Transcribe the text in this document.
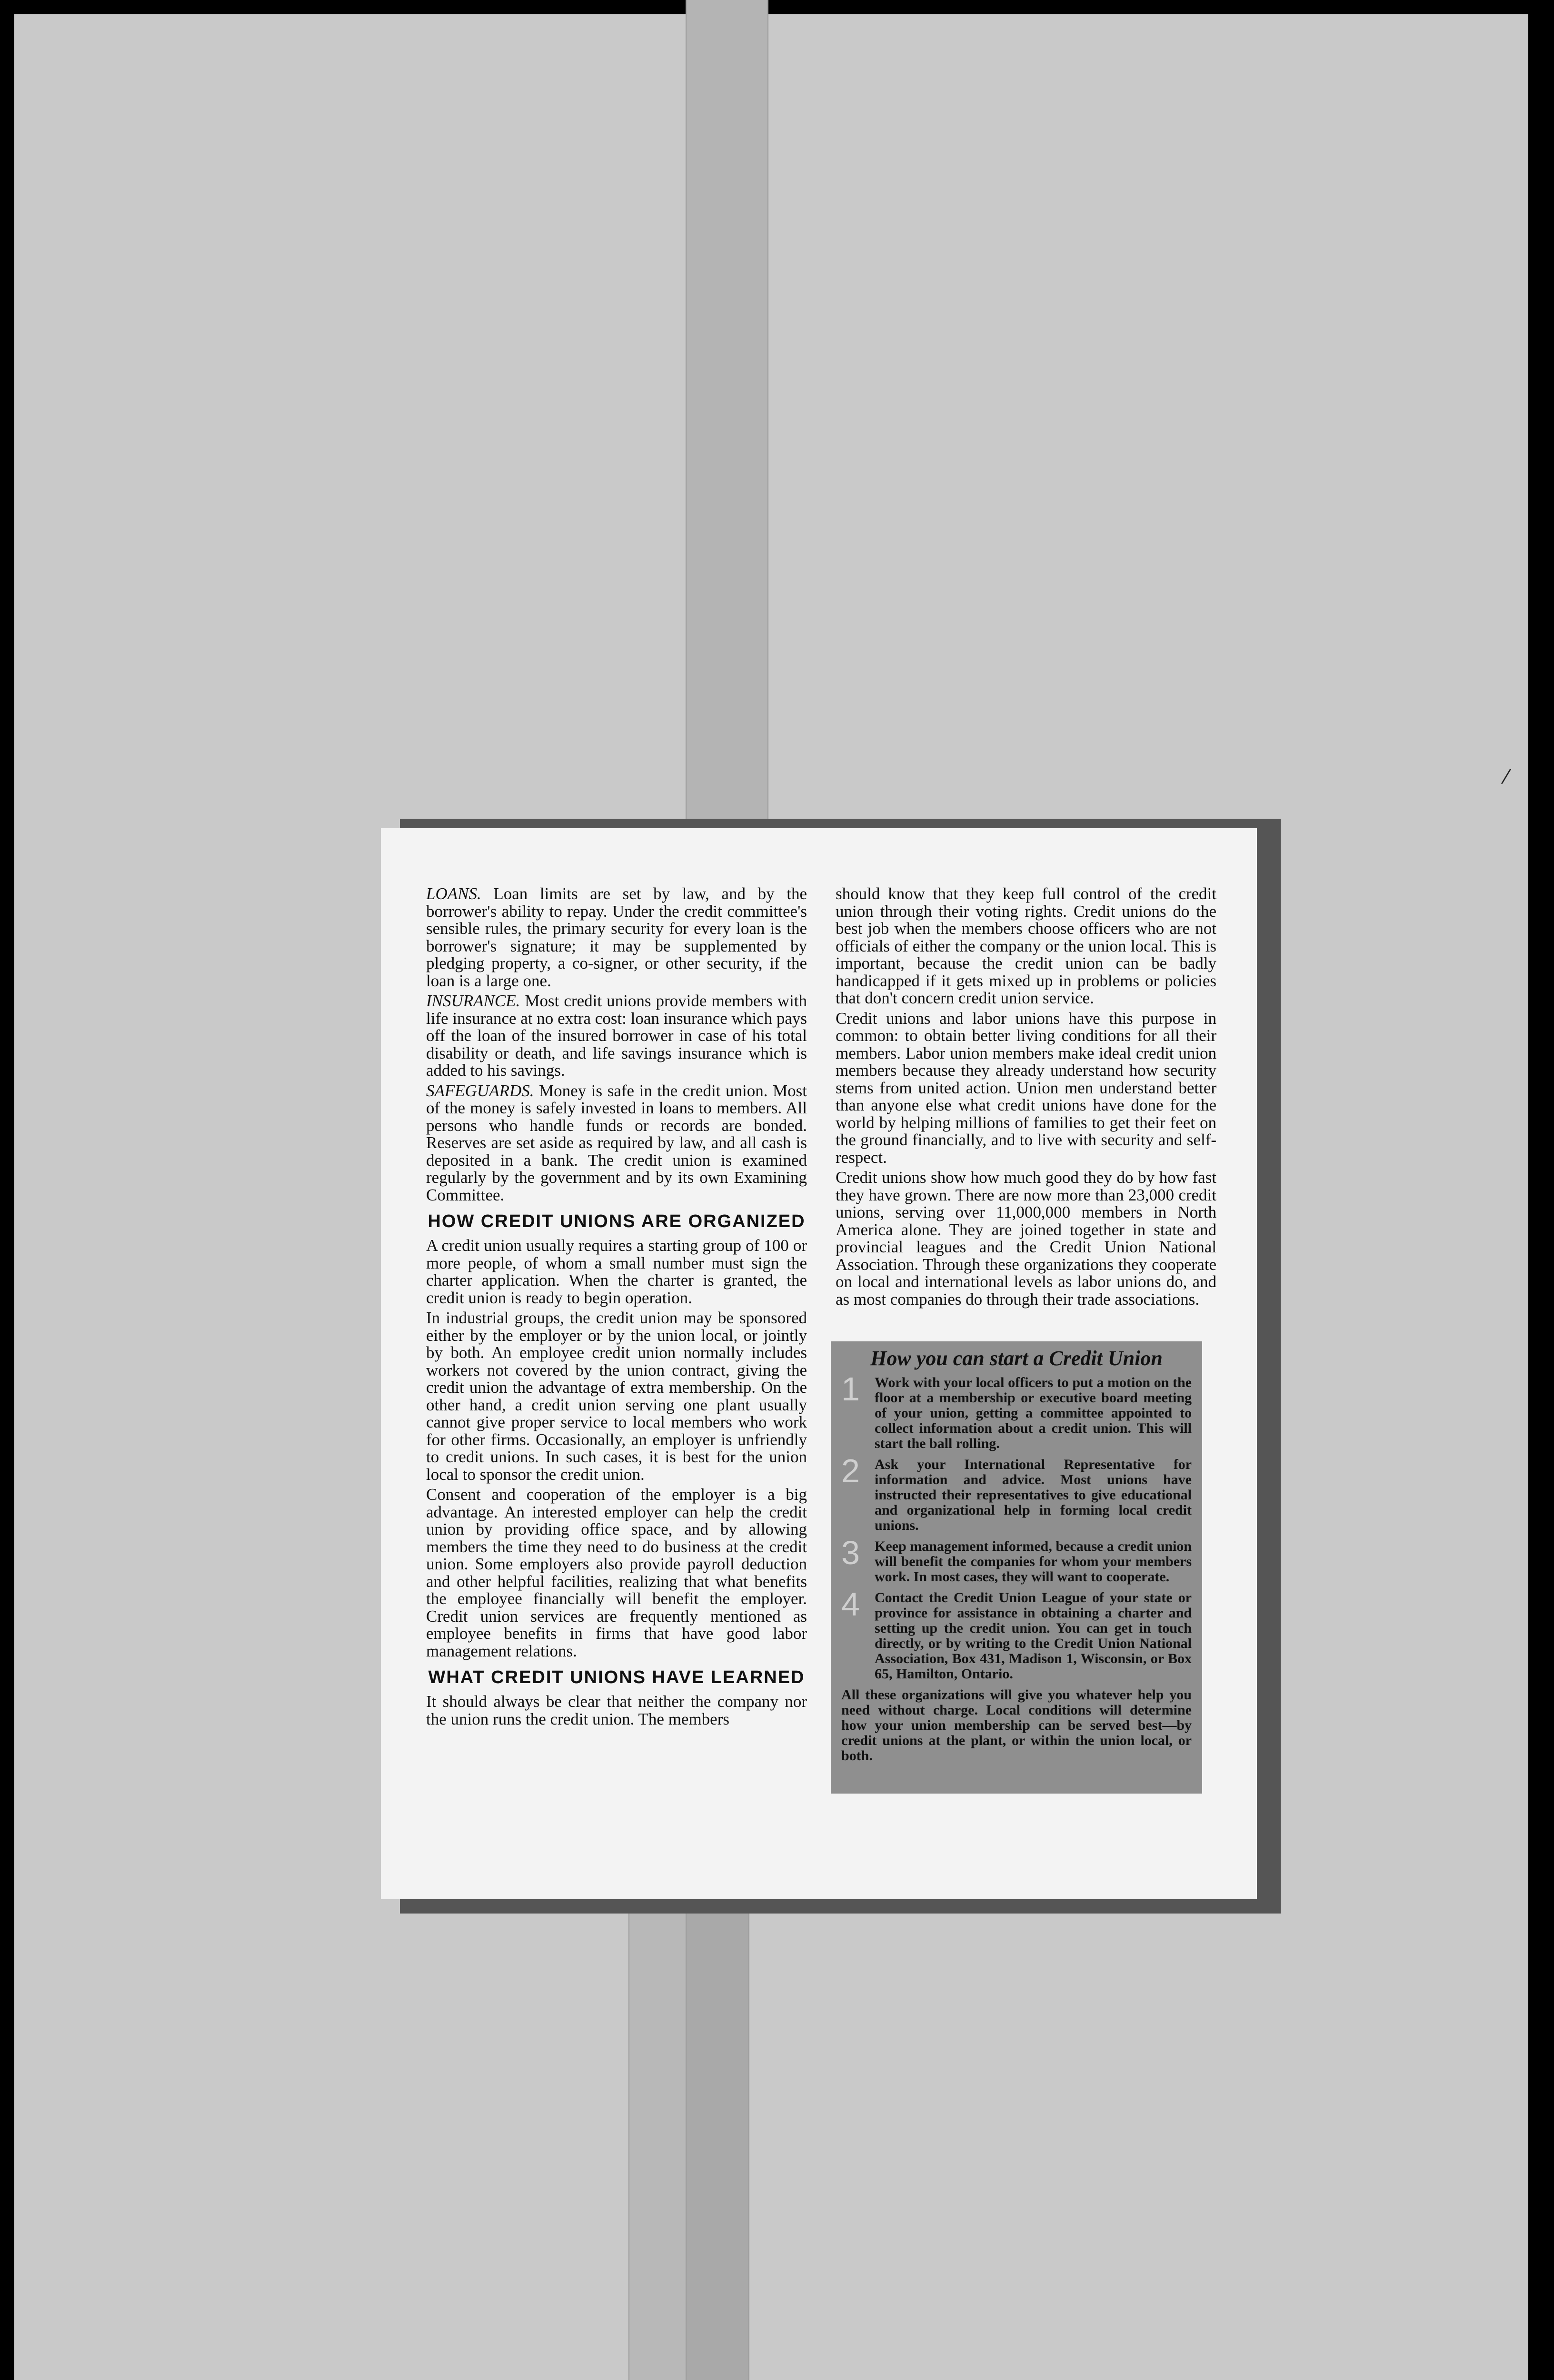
⁄

LOANS. Loan limits are set by law, and by the borrower's ability to repay. Under the credit committee's sensible rules, the primary security for every loan is the borrower's signature; it may be supplemented by pledging property, a co-signer, or other security, if the loan is a large one.

INSURANCE. Most credit unions provide members with life insurance at no extra cost: loan insurance which pays off the loan of the insured borrower in case of his total disability or death, and life savings insurance which is added to his savings.

SAFEGUARDS. Money is safe in the credit union. Most of the money is safely invested in loans to members. All persons who handle funds or records are bonded. Reserves are set aside as required by law, and all cash is deposited in a bank. The credit union is examined regularly by the government and by its own Examining Committee.

HOW CREDIT UNIONS ARE ORGANIZED

A credit union usually requires a starting group of 100 or more people, of whom a small number must sign the charter application. When the charter is granted, the credit union is ready to begin operation.

In industrial groups, the credit union may be sponsored either by the employer or by the union local, or jointly by both. An employee credit union normally includes workers not covered by the union contract, giving the credit union the advantage of extra membership. On the other hand, a credit union serving one plant usually cannot give proper service to local members who work for other firms. Occasionally, an employer is unfriendly to credit unions. In such cases, it is best for the union local to sponsor the credit union.

Consent and cooperation of the employer is a big advantage. An interested employer can help the credit union by providing office space, and by allowing members the time they need to do business at the credit union. Some employers also provide payroll deduction and other helpful facilities, realizing that what benefits the employee financially will benefit the employer. Credit union services are frequently mentioned as employee benefits in firms that have good labor management relations.

WHAT CREDIT UNIONS HAVE LEARNED

It should always be clear that neither the company nor the union runs the credit union. The members

should know that they keep full control of the credit union through their voting rights. Credit unions do the best job when the members choose officers who are not officials of either the company or the union local. This is important, because the credit union can be badly handicapped if it gets mixed up in problems or policies that don't concern credit union service.

Credit unions and labor unions have this purpose in common: to obtain better living conditions for all their members. Labor union members make ideal credit union members because they already understand how security stems from united action. Union men understand better than anyone else what credit unions have done for the world by helping millions of families to get their feet on the ground financially, and to live with security and self-respect.

Credit unions show how much good they do by how fast they have grown. There are now more than 23,000 credit unions, serving over 11,000,000 members in North America alone. They are joined together in state and provincial leagues and the Credit Union National Association. Through these organizations they cooperate on local and international levels as labor unions do, and as most companies do through their trade associations.

How you can start a Credit Union
1	Work with your local officers to put a motion on the floor at a membership or executive board meeting of your union, getting a committee appointed to collect information about a credit union. This will start the ball rolling.
2	Ask your International Representative for information and advice. Most unions have instructed their representatives to give educational and organizational help in forming local credit unions.
3	Keep management informed, because a credit union will benefit the companies for whom your members work. In most cases, they will want to cooperate.
4	Contact the Credit Union League of your state or province for assistance in obtaining a charter and setting up the credit union. You can get in touch directly, or by writing to the Credit Union National Association, Box 431, Madison 1, Wisconsin, or Box 65, Hamilton, Ontario.
All these organizations will give you whatever help you need without charge. Local conditions will determine how your union membership can be served best—by credit unions at the plant, or within the union local, or both.
